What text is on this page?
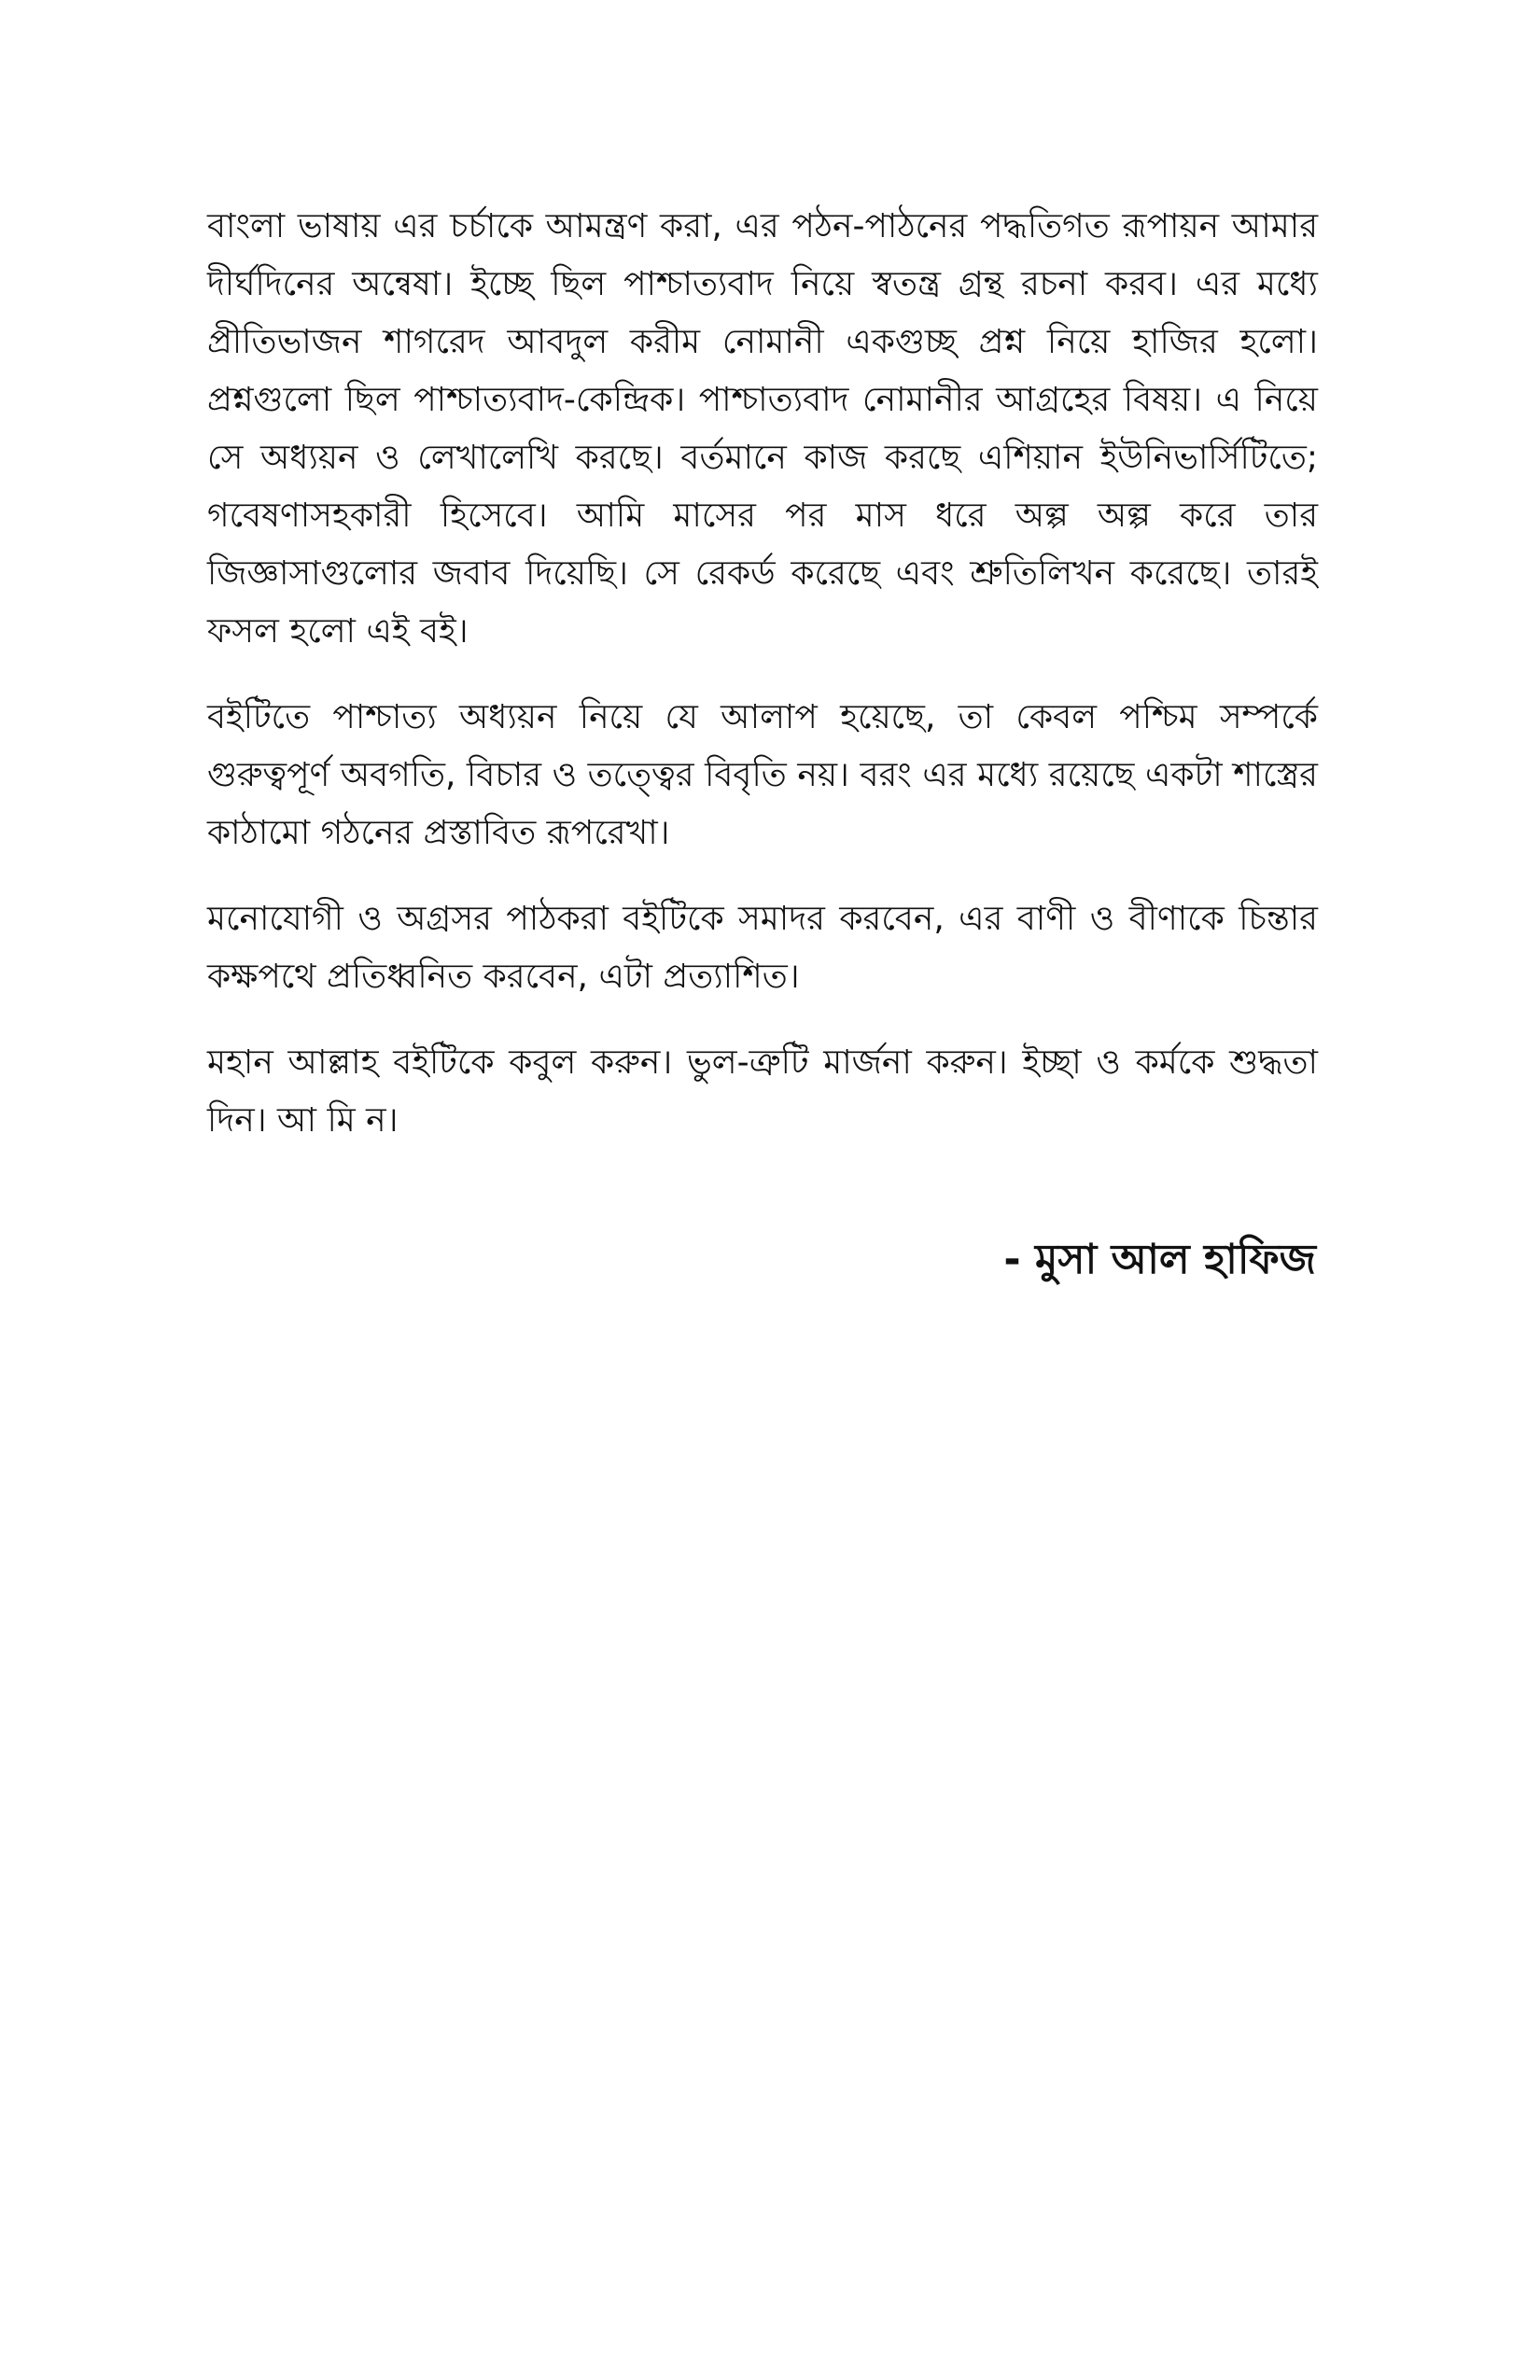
বাংলা ভাষায় এর চর্চাকে আমন্ত্রণ করা, এর পঠন-পাঠনের পদ্ধতিগত রূপায়ন আমার দীর্ঘদিনের অন্বেষা। ইচ্ছে ছিল পাশ্চাত্যবাদ নিয়ে স্বতন্ত্র গ্রন্থ রচনা করব। এর মধ্যে প্রীতিভাজন শাগরেদ আবদুল করীম নোমানী একগুচ্ছ প্রশ্ন নিয়ে হাজির হলো। প্রশ্নগুলো ছিল পাশ্চাত্যবাদ-কেন্দ্রিক। পাশ্চাত্যবাদ নোমানীর আগ্রহের বিষয়। এ নিয়ে সে অধ্যয়ন ও লেখালেখি করছে। বর্তমানে কাজ করছে এশিয়ান ইউনিভার্সিটিতে; গবেষণাসহকারী হিসেবে। আমি মাসের পর মাস ধরে অল্প অল্প করে তার জিজ্ঞাসাগুলোর জবাব দিয়েছি। সে রেকর্ড করেছে এবং শ্রুতিলিখন করেছে। তারই ফসল হলো এই বই।

বইটিতে পাশ্চাত্য অধ্যয়ন নিয়ে যে আলাপ হয়েছে, তা কেবল পশ্চিম সম্পর্কে গুরুত্বপূর্ণ অবগতি, বিচার ও তত্ত্বের বিবৃতি নয়। বরং এর মধ্যে রয়েছে একটা শাস্ত্রের কাঠামো গঠনের প্রস্তাবিত রূপরেখা।

মনোযোগী ও অগ্রসর পাঠকরা বইটিকে সমাদর করবেন, এর বাণী ও বীণাকে চিন্তার কক্ষপথে প্রতিধ্বনিত করবেন, এটা প্রত্যাশিত।

মহান আল্লাহ বইটিকে কবুল করুন। ভুল-ত্রুটি মার্জনা করুন। ইচ্ছা ও কর্মকে শুদ্ধতা দিন। আ মি ন।

- মুসা আল হাফিজ
